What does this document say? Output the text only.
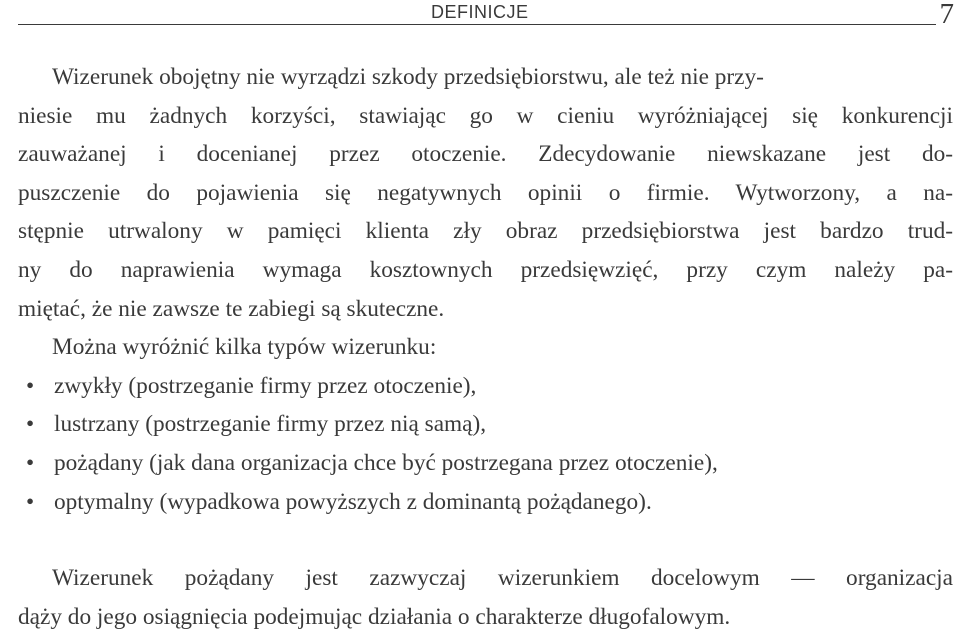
DEFINICJE	7

Wizerunek obojętny nie wyrządzi szkody przedsiębiorstwu, ale też nie przy-
niesie mu żadnych korzyści, stawiając go w cieniu wyróżniającej się konkurencji
zauważanej i docenianej przez otoczenie. Zdecydowanie niewskazane jest do-
puszczenie do pojawienia się negatywnych opinii o firmie. Wytworzony, a na-
stępnie utrwalony w pamięci klienta zły obraz przedsiębiorstwa jest bardzo trud-
ny do naprawienia wymaga kosztownych przedsięwzięć, przy czym należy pa-
miętać, że nie zawsze te zabiegi są skuteczne.

Można wyróżnić kilka typów wizerunku:

• zwykły (postrzeganie firmy przez otoczenie),
• lustrzany (postrzeganie firmy przez nią samą),
• pożądany (jak dana organizacja chce być postrzegana przez otoczenie),
• optymalny (wypadkowa powyższych z dominantą pożądanego).

Wizerunek pożądany jest zazwyczaj wizerunkiem docelowym — organizacja
dąży do jego osiągnięcia podejmując działania o charakterze długofalowym.
